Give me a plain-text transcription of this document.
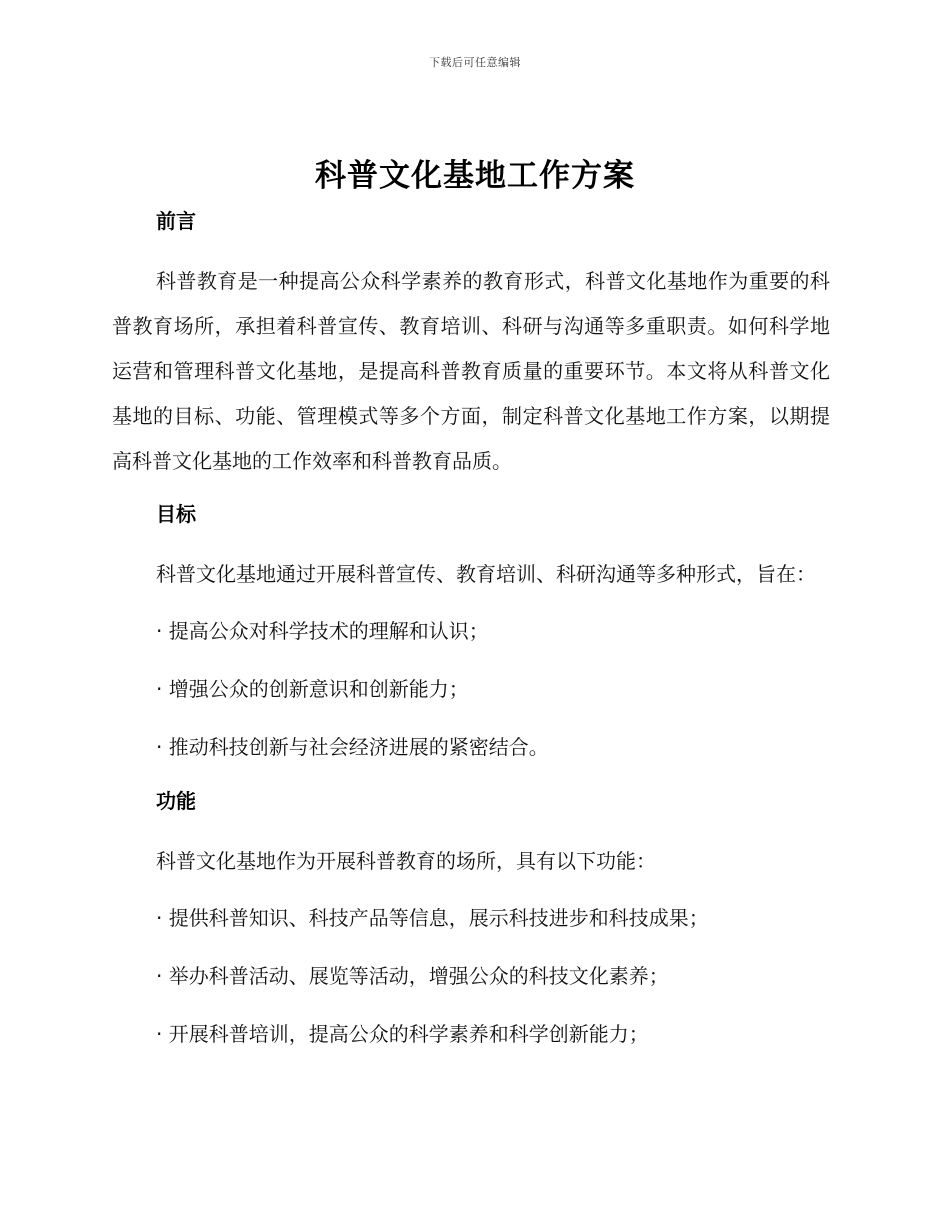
下载后可任意编辑
科普文化基地工作方案
前言

科普教育是一种提高公众科学素养的教育形式，科普文化基地作为重要的科普教育场所，承担着科普宣传、教育培训、科研与沟通等多重职责。如何科学地运营和管理科普文化基地，是提高科普教育质量的重要环节。本文将从科普文化基地的目标、功能、管理模式等多个方面，制定科普文化基地工作方案，以期提高科普文化基地的工作效率和科普教育品质。

目标

科普文化基地通过开展科普宣传、教育培训、科研沟通等多种形式，旨在：

· 提高公众对科学技术的理解和认识；
· 增强公众的创新意识和创新能力；
· 推动科技创新与社会经济进展的紧密结合。
功能

科普文化基地作为开展科普教育的场所，具有以下功能：

· 提供科普知识、科技产品等信息，展示科技进步和科技成果；
· 举办科普活动、展览等活动，增强公众的科技文化素养；
· 开展科普培训，提高公众的科学素养和科学创新能力；
